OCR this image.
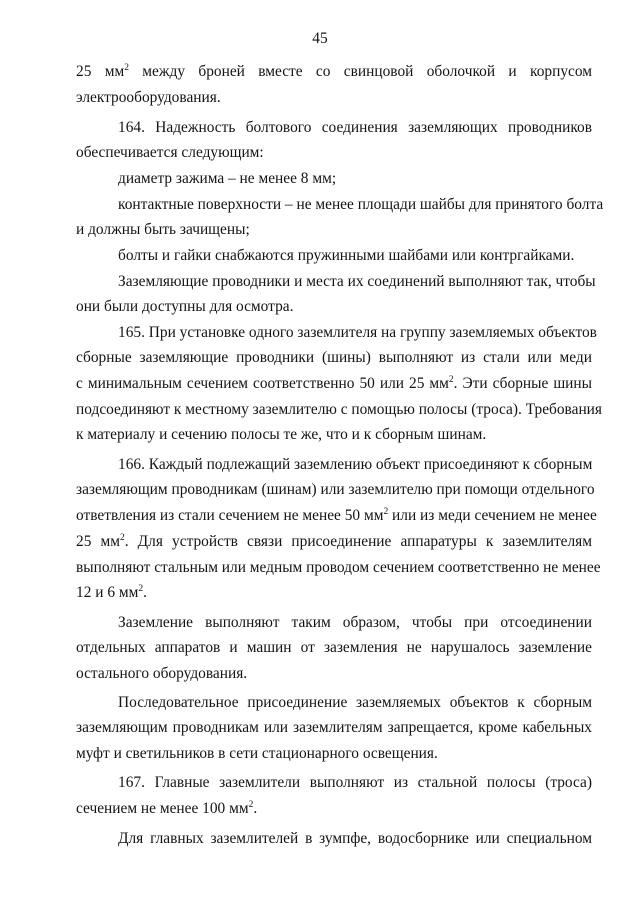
45
25 $мм^2$ между броней вместе со свинцовой оболочкой и корпусом
электрооборудования.
164. Надежность болтового соединения заземляющих проводников
обеспечивается следующим:
диаметр зажима – не менее 8 мм;
контактные поверхности – не менее площади шайбы для принятого болта
и должны быть зачищены;
болты и гайки снабжаются пружинными шайбами или контргайками.
Заземляющие проводники и места их соединений выполняют так, чтобы
они были доступны для осмотра.
165. При установке одного заземлителя на группу заземляемых объектов
сборные заземляющие проводники (шины) выполняют из стали или меди
с минимальным сечением соответственно 50 или 25 $мм^2$. Эти сборные шины
подсоединяют к местному заземлителю с помощью полосы (троса). Требования
к материалу и сечению полосы те же, что и к сборным шинам.
166. Каждый подлежащий заземлению объект присоединяют к сборным
заземляющим проводникам (шинам) или заземлителю при помощи отдельного
ответвления из стали сечением не менее 50 $мм^2$ или из меди сечением не менее
25 $мм^2$. Для устройств связи присоединение аппаратуры к заземлителям
выполняют стальным или медным проводом сечением соответственно не менее
12 и 6 $мм^2$.
Заземление выполняют таким образом, чтобы при отсоединении
отдельных аппаратов и машин от заземления не нарушалось заземление
остального оборудования.
Последовательное присоединение заземляемых объектов к сборным
заземляющим проводникам или заземлителям запрещается, кроме кабельных
муфт и светильников в сети стационарного освещения.
167. Главные заземлители выполняют из стальной полосы (троса)
сечением не менее 100 $мм^2$.
Для главных заземлителей в зумпфе, водосборнике или специальном
